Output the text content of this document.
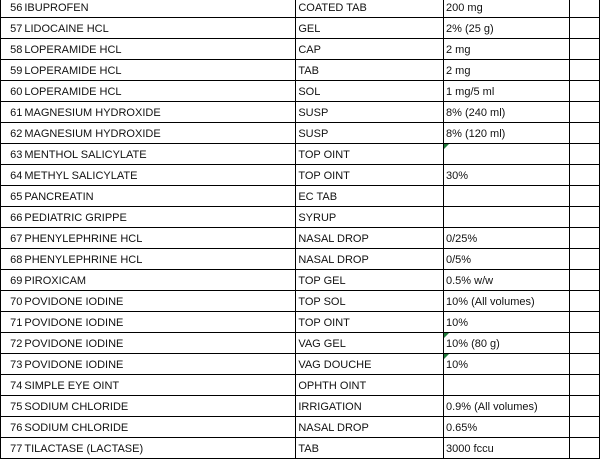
56	IBUPROFEN	COATED TAB	200 mg	
57	LIDOCAINE HCL	GEL	2% (25 g)	
58	LOPERAMIDE HCL	CAP	2 mg	
59	LOPERAMIDE HCL	TAB	2 mg	
60	LOPERAMIDE HCL	SOL	1 mg/5 ml	
61	MAGNESIUM HYDROXIDE	SUSP	8% (240 ml)	
62	MAGNESIUM HYDROXIDE	SUSP	8% (120 ml)	
63	MENTHOL SALICYLATE	TOP OINT		
64	METHYL SALICYLATE	TOP OINT	30%	
65	PANCREATIN	EC TAB		
66	PEDIATRIC GRIPPE	SYRUP		
67	PHENYLEPHRINE HCL	NASAL DROP	0/25%	
68	PHENYLEPHRINE HCL	NASAL DROP	0/5%	
69	PIROXICAM	TOP GEL	0.5% w/w	
70	POVIDONE IODINE	TOP SOL	10% (All volumes)	
71	POVIDONE IODINE	TOP OINT	10%	
72	POVIDONE IODINE	VAG GEL	10% (80 g)	
73	POVIDONE IODINE	VAG DOUCHE	10%	
74	SIMPLE EYE OINT	OPHTH OINT		
75	SODIUM CHLORIDE	IRRIGATION	0.9% (All volumes)	
76	SODIUM CHLORIDE	NASAL DROP	0.65%	
77	TILACTASE (LACTASE)	TAB	3000 fccu	
